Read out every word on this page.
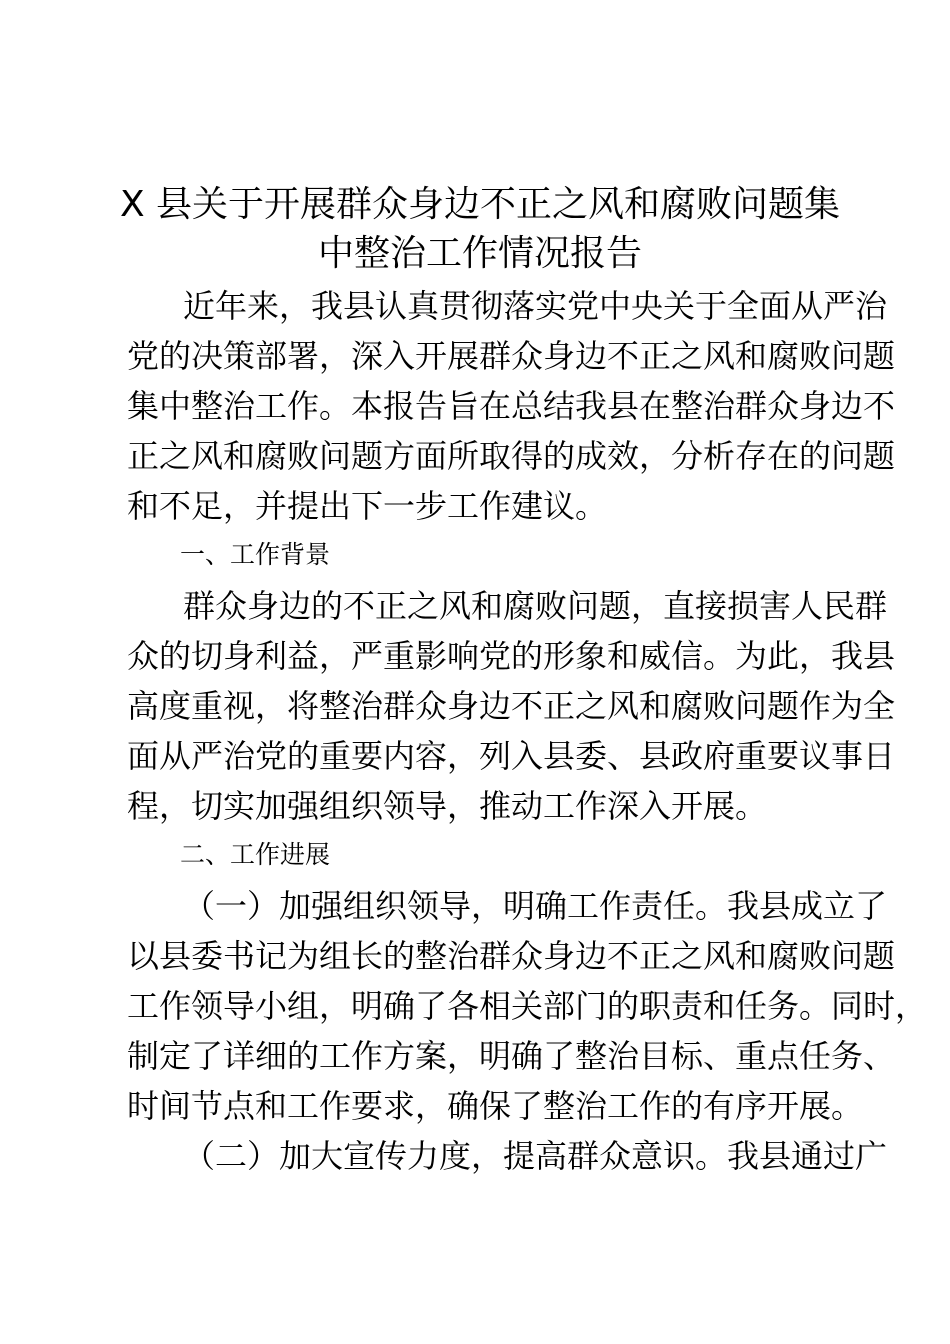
X 县关于开展群众身边不正之风和腐败问题集
中整治工作情况报告
近年来，我县认真贯彻落实党中央关于全面从严治
党的决策部署，深入开展群众身边不正之风和腐败问题
集中整治工作。本报告旨在总结我县在整治群众身边不
正之风和腐败问题方面所取得的成效，分析存在的问题
和不足，并提出下一步工作建议。
一、工作背景
群众身边的不正之风和腐败问题，直接损害人民群
众的切身利益，严重影响党的形象和威信。为此，我县
高度重视，将整治群众身边不正之风和腐败问题作为全
面从严治党的重要内容，列入县委、县政府重要议事日
程，切实加强组织领导，推动工作深入开展。
二、工作进展
（一）加强组织领导，明确工作责任。我县成立了
以县委书记为组长的整治群众身边不正之风和腐败问题
工作领导小组，明确了各相关部门的职责和任务。同时，
制定了详细的工作方案，明确了整治目标、重点任务、
时间节点和工作要求，确保了整治工作的有序开展。
（二）加大宣传力度，提高群众意识。我县通过广
